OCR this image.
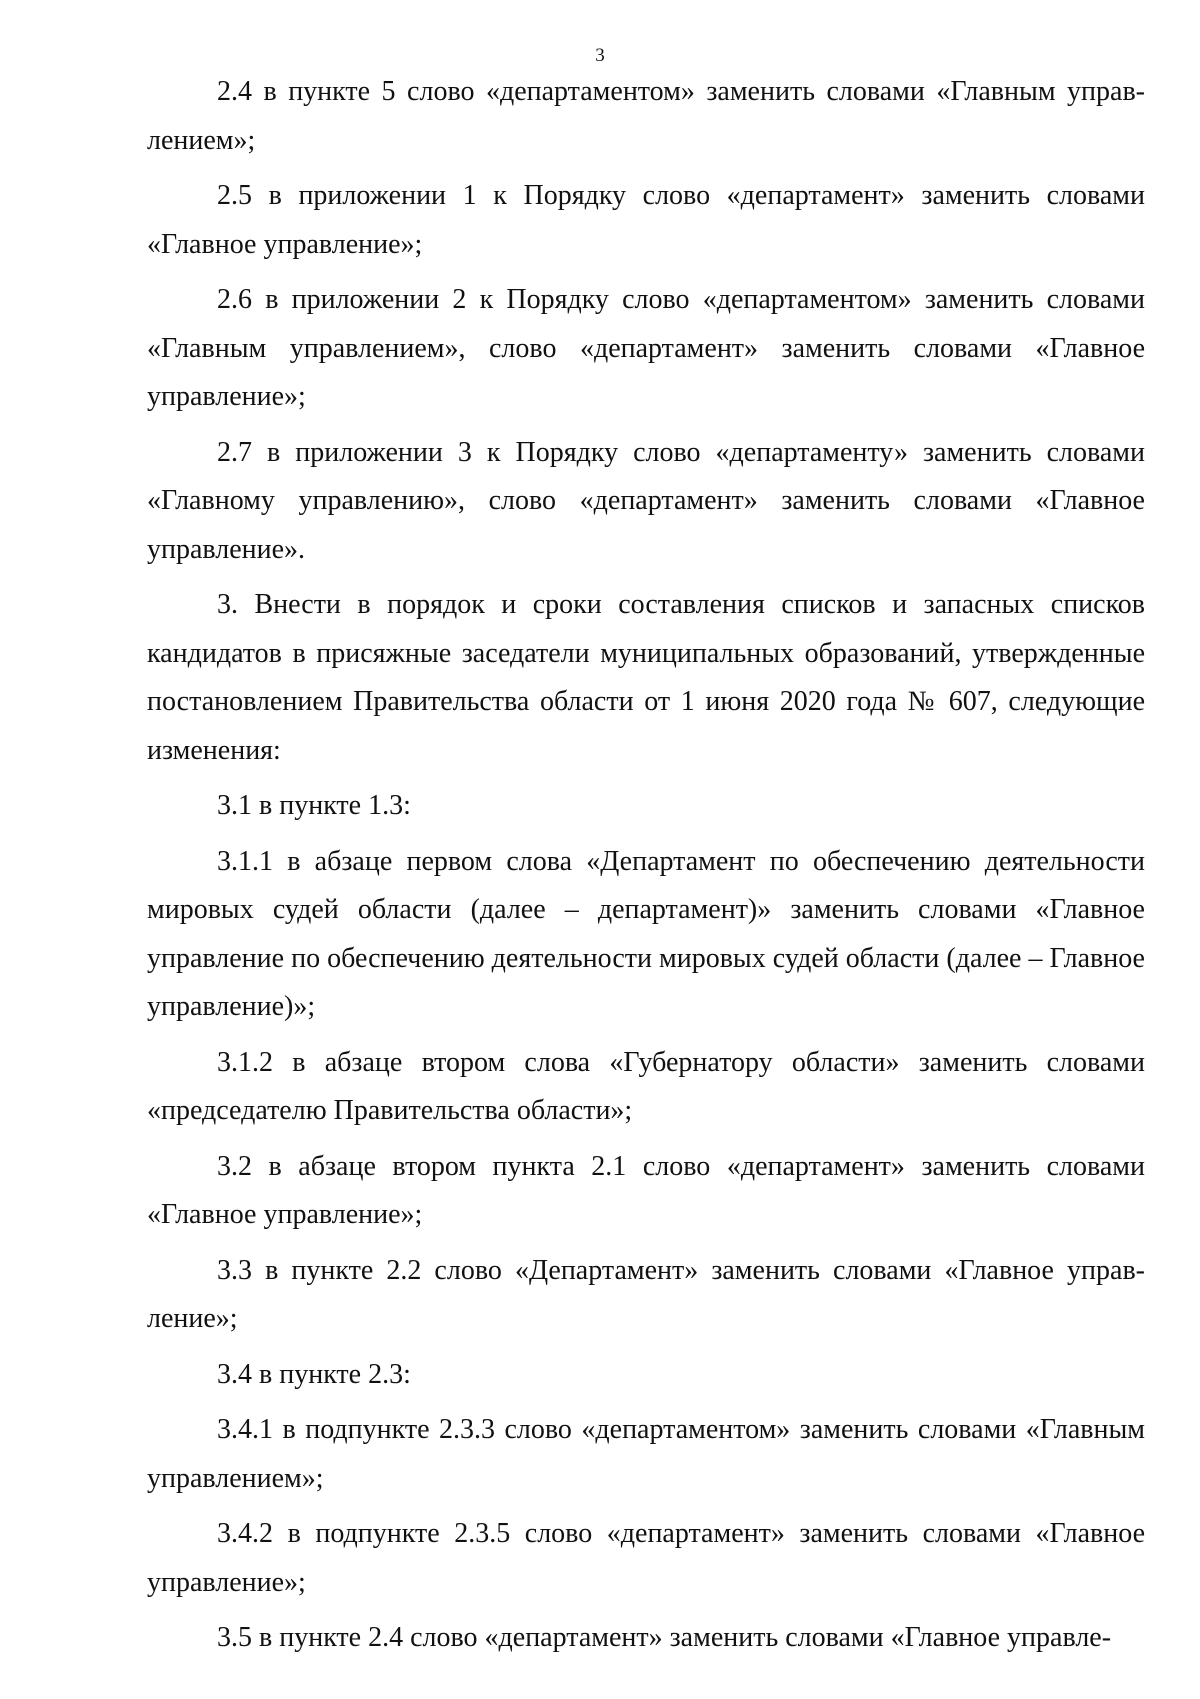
3

2.4 в пункте 5 слово «департаментом» заменить словами «Главным управлением»;

2.5 в приложении 1 к Порядку слово «департамент» заменить словами «Главное управление»;

2.6 в приложении 2 к Порядку слово «департаментом» заменить словами «Главным управлением», слово «департамент» заменить словами «Главное управление»;

2.7 в приложении 3 к Порядку слово «департаменту» заменить словами «Главному управлению», слово «департамент» заменить словами «Главное управление».

3. Внести в порядок и сроки составления списков и запасных списков кандидатов в присяжные заседатели муниципальных образований, утвержденные постановлением Правительства области от 1 июня 2020 года № 607, следующие изменения:

3.1 в пункте 1.3:

3.1.1 в абзаце первом слова «Департамент по обеспечению деятельности мировых судей области (далее – департамент)» заменить словами «Главное управление по обеспечению деятельности мировых судей области (далее – Главное управление)»;

3.1.2 в абзаце втором слова «Губернатору области» заменить словами «председателю Правительства области»;

3.2 в абзаце втором пункта 2.1 слово «департамент» заменить словами «Главное управление»;

3.3 в пункте 2.2 слово «Департамент» заменить словами «Главное управление»;

3.4 в пункте 2.3:

3.4.1 в подпункте 2.3.3 слово «департаментом» заменить словами «Главным управлением»;

3.4.2 в подпункте 2.3.5 слово «департамент» заменить словами «Главное управление»;

3.5 в пункте 2.4 слово «департамент» заменить словами «Главное управле-
